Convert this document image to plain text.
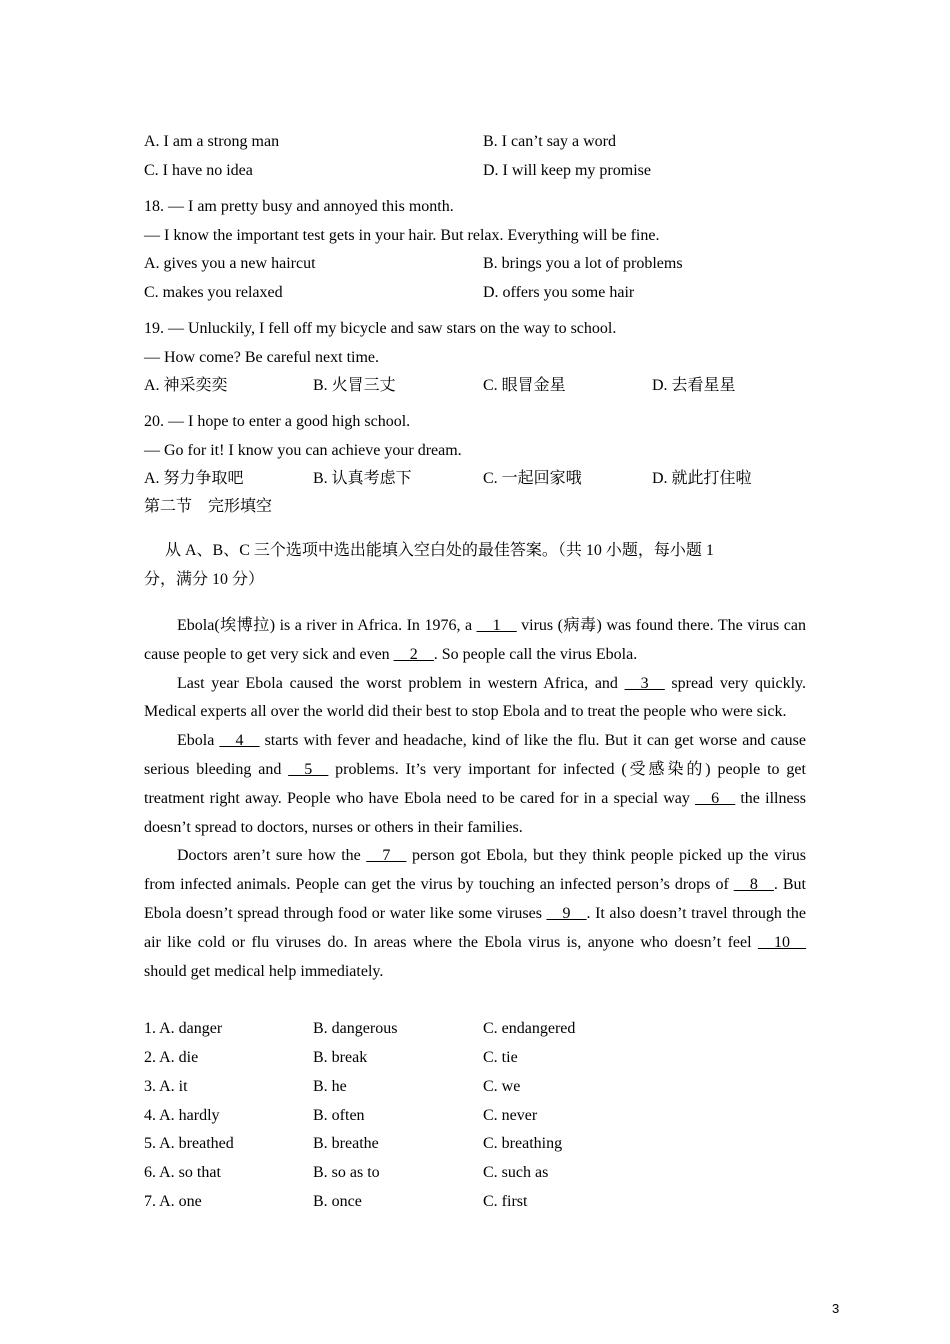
A. I am a strong man	B. I can’t say a word
C. I have no idea	D. I will keep my promise
18. — I am pretty busy and annoyed this month.
— I know the important test gets in your hair. But relax. Everything will be fine.
A. gives you a new haircut	B. brings you a lot of problems
C. makes you relaxed	D. offers you some hair
19. — Unluckily, I fell off my bicycle and saw stars on the way to school.
— How come? Be careful next time.
A. 神采奕奕	B. 火冒三丈	C. 眼冒金星	D. 去看星星
20. — I hope to enter a good high school.
— Go for it! I know you can achieve your dream.
A. 努力争取吧	B. 认真考虑下	C. 一起回家哦	D. 就此打住啦
第二节　完形填空
从 A、B、C 三个选项中选出能填入空白处的最佳答案。（共 10 小题，每小题 1
分，满分 10 分）

Ebola(埃博拉) is a river in Africa. In 1976, a __1__ virus (病毒) was found there. The virus can cause people to get very sick and even __2__. So people call the virus Ebola.

Last year Ebola caused the worst problem in western Africa, and __3__ spread very quickly. Medical experts all over the world did their best to stop Ebola and to treat the people who were sick.

Ebola __4__ starts with fever and headache, kind of like the flu. But it can get worse and cause serious bleeding and __5__ problems. It’s very important for infected (受感染的) people to get treatment right away. People who have Ebola need to be cared for in a special way __6__ the illness doesn’t spread to doctors, nurses or others in their families.

Doctors aren’t sure how the __7__ person got Ebola, but they think people picked up the virus from infected animals. People can get the virus by touching an infected person’s drops of __8__. But Ebola doesn’t spread through food or water like some viruses __9__. It also doesn’t travel through the air like cold or flu viruses do. In areas where the Ebola virus is, anyone who doesn’t feel __10__ should get medical help immediately.

1. A. danger	B. dangerous	C. endangered
2. A. die	B. break	C. tie
3. A. it	B. he	C. we
4. A. hardly	B. often	C. never
5. A. breathed	B. breathe	C. breathing
6. A. so that	B. so as to	C. such as
7. A. one	B. once	C. first
3
